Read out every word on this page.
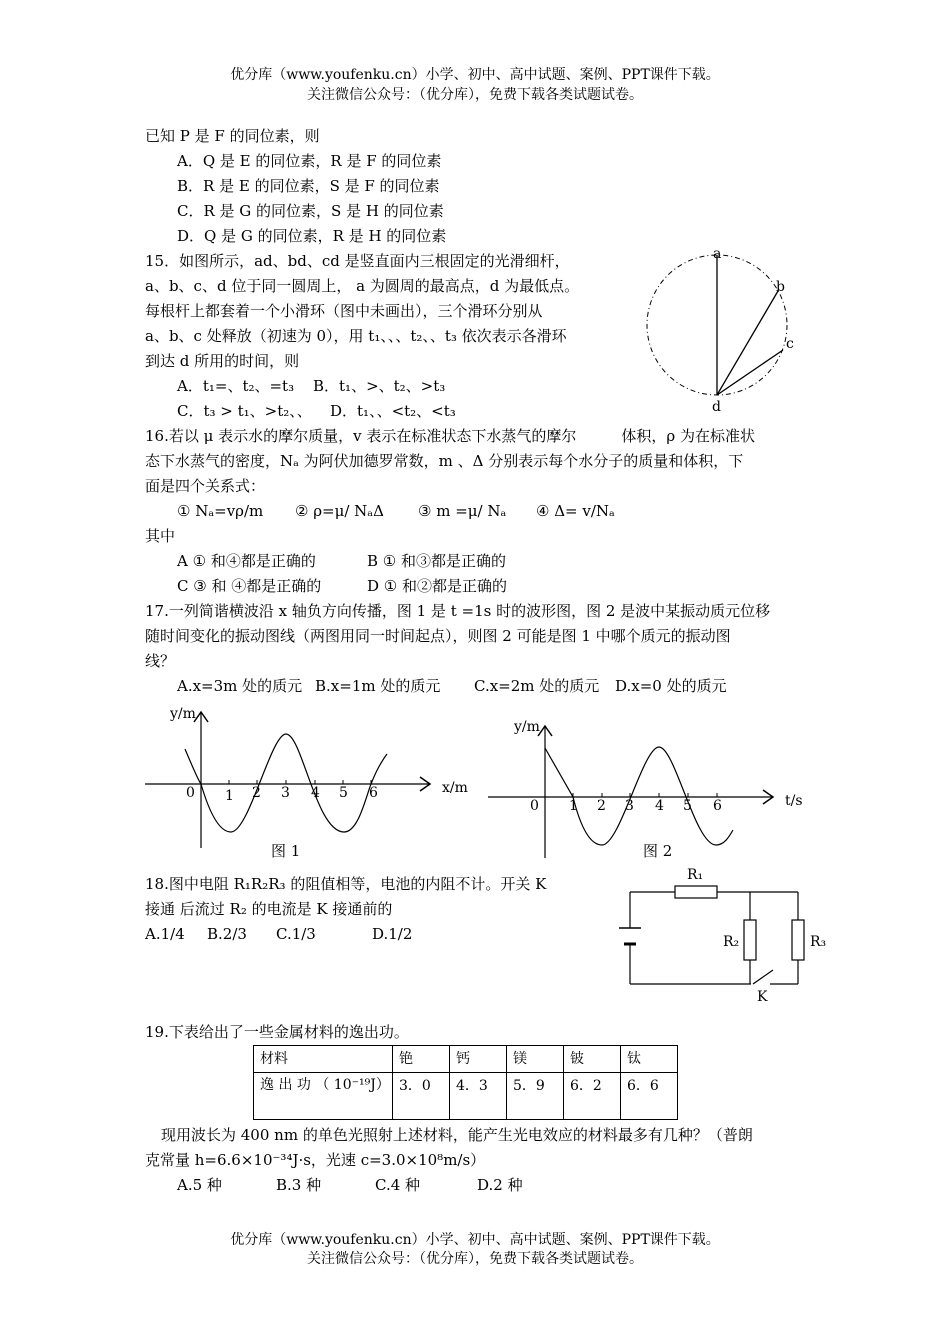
优分库（www.youfenku.cn）小学、初中、高中试题、案例、PPT课件下载。
关注微信公众号：（优分库），免费下载各类试题试卷。
已知 P 是 F 的同位素，则
A．Q 是 E 的同位素，R 是 F 的同位素
B．R 是 E 的同位素，S 是 F 的同位素
C．R 是 G 的同位素，S 是 H 的同位素
D．Q 是 G 的同位素，R 是 H 的同位素
15．如图所示，ad、bd、cd 是竖直面内三根固定的光滑细杆，
a、b、c、d 位于同一圆周上， a 为圆周的最高点，d 为最低点。
每根杆上都套着一个小滑环（图中未画出），三个滑环分别从
a、b、c 处释放（初速为 0），用 t₁、、、t₂、、t₃ 依次表示各滑环
到达 d 所用的时间，则
A．t₁=、t₂、=t₃ B．t₁、>、t₂、>t₃
C．t₃ > t₁、>t₂、、 D．t₁、、<t₂、<t₃
a
b
c
d
16.若以 μ 表示水的摩尔质量，v 表示在标准状态下水蒸气的摩尔　　　体积，ρ 为在标准状
态下水蒸气的密度，Nₐ 为阿伏加德罗常数，m 、Δ 分别表示每个水分子的质量和体积，下
面是四个关系式：
① Nₐ=vρ/m ② ρ=μ/ NₐΔ ③ m =μ/ Nₐ ④ Δ= v/Nₐ
其中
A ① 和④都是正确的	B ① 和③都是正确的
C ③ 和 ④都是正确的	D ① 和②都是正确的
17.一列简谐横波沿 x 轴负方向传播，图 1 是 t =1s 时的波形图，图 2 是波中某振动质元位移
随时间变化的振动图线（两图用同一时间起点），则图 2 可能是图 1 中哪个质元的振动图
线？
A.x=3m 处的质元 B.x=1m 处的质元 C.x=2m 处的质元 D.x=0 处的质元
y/m
x/m
0 1 2 3 4 5 6
图 1
y/m
t/s
0 1 2 3 4 5 6
图 2
18.图中电阻 R₁R₂R₃ 的阻值相等，电池的内阻不计。开关 K
接通 后流过 R₂ 的电流是 K 接通前的
A.1/4 B.2/3 C.1/3	D.1/2
R₁
R₂	R₃
K
19.下表给出了一些金属材料的逸出功。
材料	铯	钙	镁	铍	钛
逸 出 功 （ 10⁻¹⁹J）	3．0	4．3	5．9	6．2	6．6
现用波长为 400 nm 的单色光照射上述材料，能产生光电效应的材料最多有几种？（普朗
克常量 h=6.6×10⁻³⁴J·s，光速 c=3.0×10⁸m/s）
A.5 种	B.3 种	C.4 种	D.2 种
优分库（www.youfenku.cn）小学、初中、高中试题、案例、PPT课件下载。
关注微信公众号：（优分库），免费下载各类试题试卷。
